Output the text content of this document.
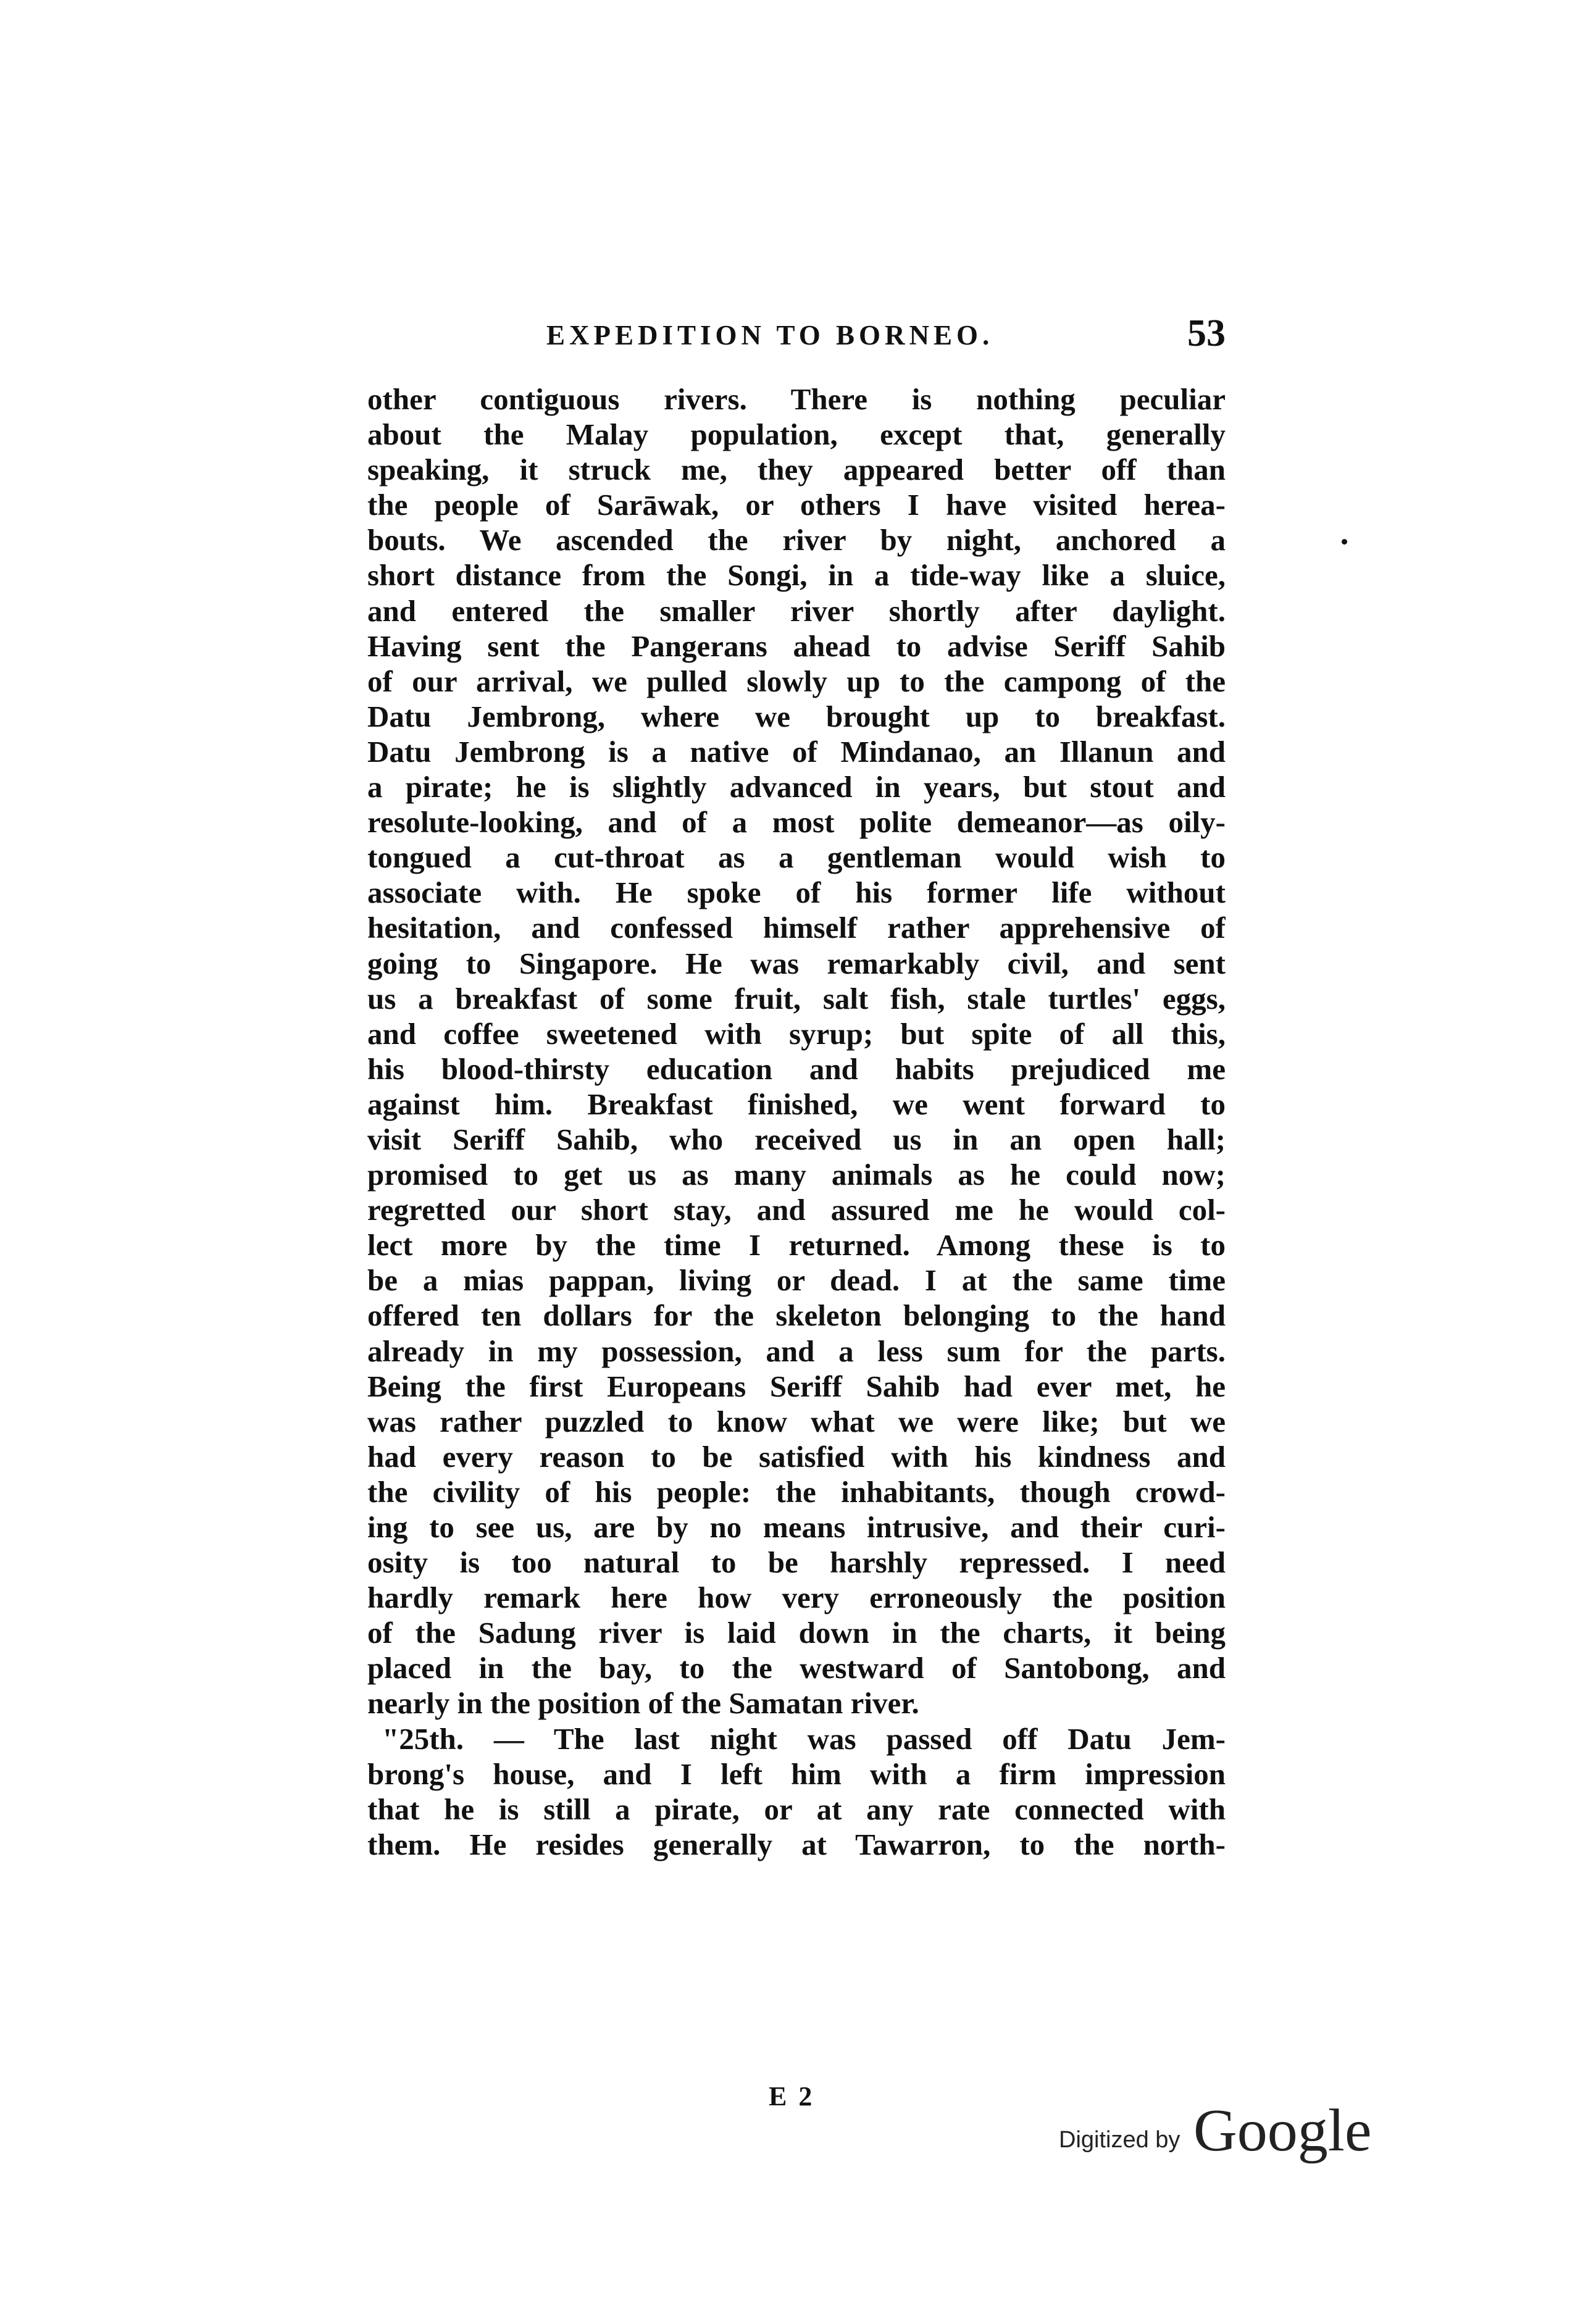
EXPEDITION TO BORNEO.	53
other contiguous rivers. There is nothing peculiar
about the Malay population, except that, generally
speaking, it struck me, they appeared better off than
the people of Sarāwak, or others I have visited herea-
bouts. We ascended the river by night, anchored a
short distance from the Songi, in a tide-way like a sluice,
and entered the smaller river shortly after daylight.
Having sent the Pangerans ahead to advise Seriff Sahib
of our arrival, we pulled slowly up to the campong of the
Datu Jembrong, where we brought up to breakfast.
Datu Jembrong is a native of Mindanao, an Illanun and
a pirate; he is slightly advanced in years, but stout and
resolute-looking, and of a most polite demeanor—as oily-
tongued a cut-throat as a gentleman would wish to
associate with. He spoke of his former life without
hesitation, and confessed himself rather apprehensive of
going to Singapore. He was remarkably civil, and sent
us a breakfast of some fruit, salt fish, stale turtles' eggs,
and coffee sweetened with syrup; but spite of all this,
his blood-thirsty education and habits prejudiced me
against him. Breakfast finished, we went forward to
visit Seriff Sahib, who received us in an open hall;
promised to get us as many animals as he could now;
regretted our short stay, and assured me he would col-
lect more by the time I returned. Among these is to
be a mias pappan, living or dead. I at the same time
offered ten dollars for the skeleton belonging to the hand
already in my possession, and a less sum for the parts.
Being the first Europeans Seriff Sahib had ever met, he
was rather puzzled to know what we were like; but we
had every reason to be satisfied with his kindness and
the civility of his people: the inhabitants, though crowd-
ing to see us, are by no means intrusive, and their curi-
osity is too natural to be harshly repressed. I need
hardly remark here how very erroneously the position
of the Sadung river is laid down in the charts, it being
placed in the bay, to the westward of Santobong, and
nearly in the position of the Samatan river.
"25th. — The last night was passed off Datu Jem-
brong's house, and I left him with a firm impression
that he is still a pirate, or at any rate connected with
them. He resides generally at Tawarron, to the north-
E 2
Digitized by Google
